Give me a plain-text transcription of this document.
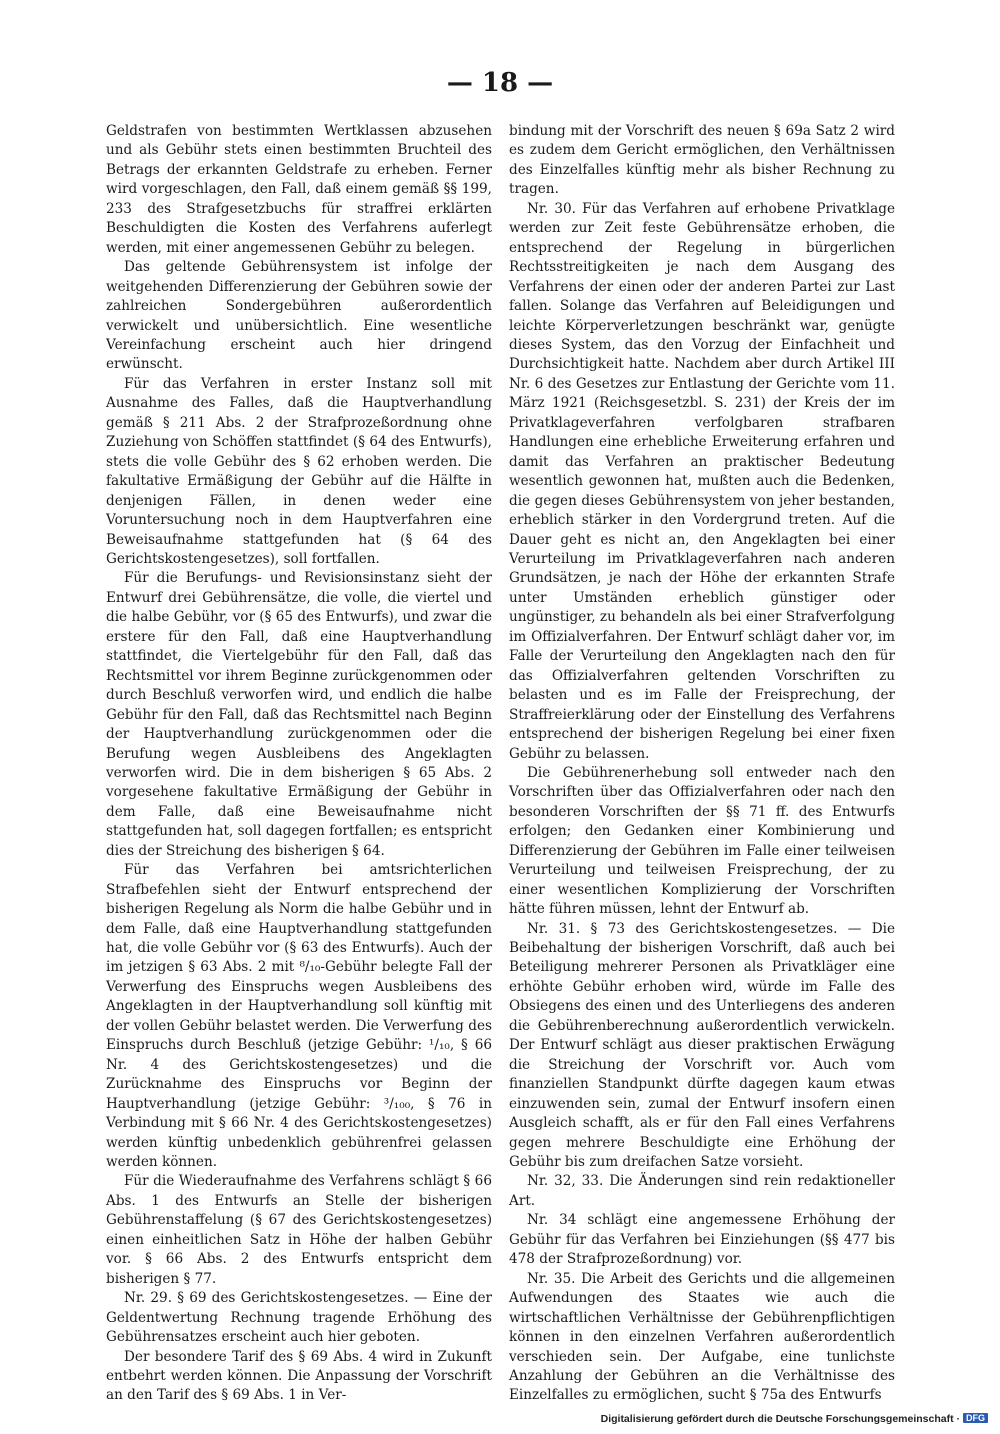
— 18 —

Geldstrafen von bestimmten Wertklassen abzusehen und als Gebühr stets einen bestimmten Bruchteil des Betrags der erkannten Geldstrafe zu erheben. Ferner wird vorgeschlagen, den Fall, daß einem gemäß §§ 199, 233 des Strafgesetzbuchs für straffrei erklärten Beschuldigten die Kosten des Verfahrens auferlegt werden, mit einer angemessenen Gebühr zu belegen.

Das geltende Gebührensystem ist infolge der weitgehenden Differenzierung der Gebühren sowie der zahlreichen Sondergebühren außerordentlich verwickelt und unübersichtlich. Eine wesentliche Vereinfachung erscheint auch hier dringend erwünscht.

Für das Verfahren in erster Instanz soll mit Ausnahme des Falles, daß die Hauptverhandlung gemäß § 211 Abs. 2 der Strafprozeßordnung ohne Zuziehung von Schöffen stattfindet (§ 64 des Entwurfs), stets die volle Gebühr des § 62 erhoben werden. Die fakultative Ermäßigung der Gebühr auf die Hälfte in denjenigen Fällen, in denen weder eine Voruntersuchung noch in dem Hauptverfahren eine Beweisaufnahme stattgefunden hat (§ 64 des Gerichtskostengesetzes), soll fortfallen.

Für die Berufungs- und Revisionsinstanz sieht der Entwurf drei Gebührensätze, die volle, die viertel und die halbe Gebühr, vor (§ 65 des Entwurfs), und zwar die erstere für den Fall, daß eine Hauptverhandlung stattfindet, die Viertelgebühr für den Fall, daß das Rechtsmittel vor ihrem Beginne zurückgenommen oder durch Beschluß verworfen wird, und endlich die halbe Gebühr für den Fall, daß das Rechtsmittel nach Beginn der Hauptverhandlung zurückgenommen oder die Berufung wegen Ausbleibens des Angeklagten verworfen wird. Die in dem bisherigen § 65 Abs. 2 vorgesehene fakultative Ermäßigung der Gebühr in dem Falle, daß eine Beweisaufnahme nicht stattgefunden hat, soll dagegen fortfallen; es entspricht dies der Streichung des bisherigen § 64.

Für das Verfahren bei amtsrichterlichen Strafbefehlen sieht der Entwurf entsprechend der bisherigen Regelung als Norm die halbe Gebühr und in dem Falle, daß eine Hauptverhandlung stattgefunden hat, die volle Gebühr vor (§ 63 des Entwurfs). Auch der im jetzigen § 63 Abs. 2 mit ⁸/₁₀-Gebühr belegte Fall der Verwerfung des Einspruchs wegen Ausbleibens des Angeklagten in der Hauptverhandlung soll künftig mit der vollen Gebühr belastet werden. Die Verwerfung des Einspruchs durch Beschluß (jetzige Gebühr: ¹/₁₀, § 66 Nr. 4 des Gerichtskostengesetzes) und die Zurücknahme des Einspruchs vor Beginn der Hauptverhandlung (jetzige Gebühr: ³/₁₀₀, § 76 in Verbindung mit § 66 Nr. 4 des Gerichtskostengesetzes) werden künftig unbedenklich gebührenfrei gelassen werden können.

Für die Wiederaufnahme des Verfahrens schlägt § 66 Abs. 1 des Entwurfs an Stelle der bisherigen Gebührenstaffelung (§ 67 des Gerichtskostengesetzes) einen einheitlichen Satz in Höhe der halben Gebühr vor. § 66 Abs. 2 des Entwurfs entspricht dem bisherigen § 77.

Nr. 29. § 69 des Gerichtskostengesetzes. — Eine der Geldentwertung Rechnung tragende Erhöhung des Gebührensatzes erscheint auch hier geboten.

Der besondere Tarif des § 69 Abs. 4 wird in Zukunft entbehrt werden können. Die Anpassung der Vorschrift an den Tarif des § 69 Abs. 1 in Ver-

bindung mit der Vorschrift des neuen § 69a Satz 2 wird es zudem dem Gericht ermöglichen, den Verhältnissen des Einzelfalles künftig mehr als bisher Rechnung zu tragen.

Nr. 30. Für das Verfahren auf erhobene Privatklage werden zur Zeit feste Gebührensätze erhoben, die entsprechend der Regelung in bürgerlichen Rechtsstreitigkeiten je nach dem Ausgang des Verfahrens der einen oder der anderen Partei zur Last fallen. Solange das Verfahren auf Beleidigungen und leichte Körperverletzungen beschränkt war, genügte dieses System, das den Vorzug der Einfachheit und Durchsichtigkeit hatte. Nachdem aber durch Artikel III Nr. 6 des Gesetzes zur Entlastung der Gerichte vom 11. März 1921 (Reichsgesetzbl. S. 231) der Kreis der im Privatklageverfahren verfolgbaren strafbaren Handlungen eine erhebliche Erweiterung erfahren und damit das Verfahren an praktischer Bedeutung wesentlich gewonnen hat, mußten auch die Bedenken, die gegen dieses Gebührensystem von jeher bestanden, erheblich stärker in den Vordergrund treten. Auf die Dauer geht es nicht an, den Angeklagten bei einer Verurteilung im Privatklageverfahren nach anderen Grundsätzen, je nach der Höhe der erkannten Strafe unter Umständen erheblich günstiger oder ungünstiger, zu behandeln als bei einer Strafverfolgung im Offizialverfahren. Der Entwurf schlägt daher vor, im Falle der Verurteilung den Angeklagten nach den für das Offizialverfahren geltenden Vorschriften zu belasten und es im Falle der Freisprechung, der Straffreierklärung oder der Einstellung des Verfahrens entsprechend der bisherigen Regelung bei einer fixen Gebühr zu belassen.

Die Gebührenerhebung soll entweder nach den Vorschriften über das Offizialverfahren oder nach den besonderen Vorschriften der §§ 71 ff. des Entwurfs erfolgen; den Gedanken einer Kombinierung und Differenzierung der Gebühren im Falle einer teilweisen Verurteilung und teilweisen Freisprechung, der zu einer wesentlichen Komplizierung der Vorschriften hätte führen müssen, lehnt der Entwurf ab.

Nr. 31. § 73 des Gerichtskostengesetzes. — Die Beibehaltung der bisherigen Vorschrift, daß auch bei Beteiligung mehrerer Personen als Privatkläger eine erhöhte Gebühr erhoben wird, würde im Falle des Obsiegens des einen und des Unterliegens des anderen die Gebührenberechnung außerordentlich verwickeln. Der Entwurf schlägt aus dieser praktischen Erwägung die Streichung der Vorschrift vor. Auch vom finanziellen Standpunkt dürfte dagegen kaum etwas einzuwenden sein, zumal der Entwurf insofern einen Ausgleich schafft, als er für den Fall eines Verfahrens gegen mehrere Beschuldigte eine Erhöhung der Gebühr bis zum dreifachen Satze vorsieht.

Nr. 32, 33. Die Änderungen sind rein redaktioneller Art.

Nr. 34 schlägt eine angemessene Erhöhung der Gebühr für das Verfahren bei Einziehungen (§§ 477 bis 478 der Strafprozeßordnung) vor.

Nr. 35. Die Arbeit des Gerichts und die allgemeinen Aufwendungen des Staates wie auch die wirtschaftlichen Verhältnisse der Gebührenpflichtigen können in den einzelnen Verfahren außerordentlich verschieden sein. Der Aufgabe, eine tunlichste Anzahlung der Gebühren an die Verhältnisse des Einzelfalles zu ermöglichen, sucht § 75a des Entwurfs

Digitalisierung gefördert durch die Deutsche Forschungsgemeinschaft · DFG
